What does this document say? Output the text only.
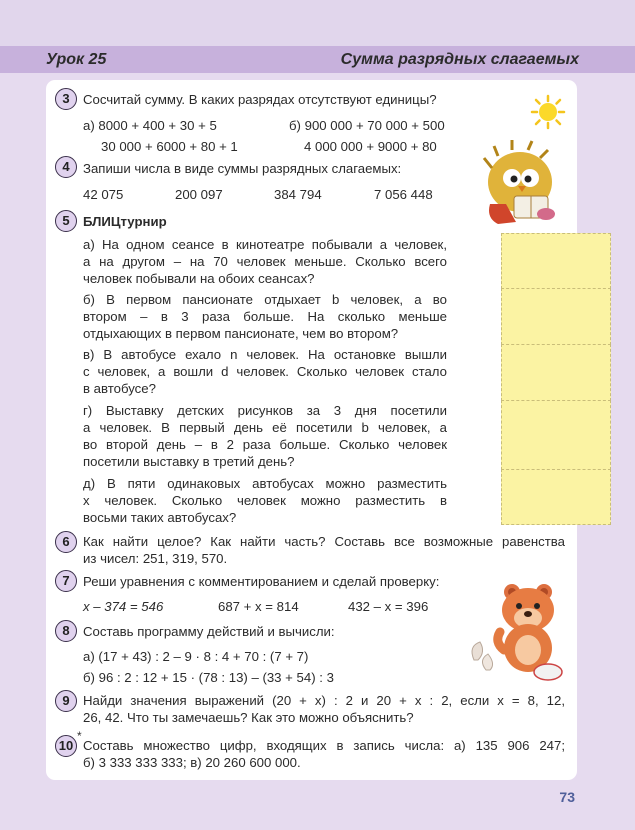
Урок 25	Сумма разрядных слагаемых
3	Сосчитай сумму. В каких разрядах отсутствуют единицы?
а) 8000 + 400 + 30 + 5	б) 900 000 + 70 000 + 500
30 000 + 6000 + 80 + 1	4 000 000 + 9000 + 80
4	Запиши числа в виде суммы разрядных слагаемых:
42 075	200 097	384 794	7 056 448
5	БЛИЦтурнир
а) На одном сеансе в кинотеатре побывали a человек,
а на другом – на 70 человек меньше. Сколько всего
человек побывали на обоих сеансах?
б) В первом пансионате отдыхает b человек, а во
втором – в 3 раза больше. На сколько меньше
отдыхающих в первом пансионате, чем во втором?
в) В автобусе ехало n человек. На остановке вышли
c человек, а вошли d человек. Сколько человек стало
в автобусе?
г) Выставку детских рисунков за 3 дня посетили
a человек. В первый день её посетили b человек, а
во второй день – в 2 раза больше. Сколько человек
посетили выставку в третий день?
д) В пяти одинаковых автобусах можно разместить
x человек. Сколько человек можно разместить в
восьми таких автобусах?
6	Как найти целое? Как найти часть? Составь все возможные равенства
из чисел: 251, 319, 570.
7	Реши уравнения с комментированием и сделай проверку:
x – 374 = 546	687 + x = 814	432 – x = 396
8	Составь программу действий и вычисли:
а) (17 + 43) : 2 – 9 · 8 : 4 + 70 : (7 + 7)
б) 96 : 2 : 12 + 15 · (78 : 13) – (33 + 54) : 3
9	Найди значения выражений (20 + x) : 2 и 20 + x : 2, если x = 8, 12,
26, 42. Что ты замечаешь? Как это можно объяснить?
10
*
Составь множество цифр, входящих в запись числа: а) 135 906 247;
б) 3 333 333 333; в) 20 260 600 000.
73
